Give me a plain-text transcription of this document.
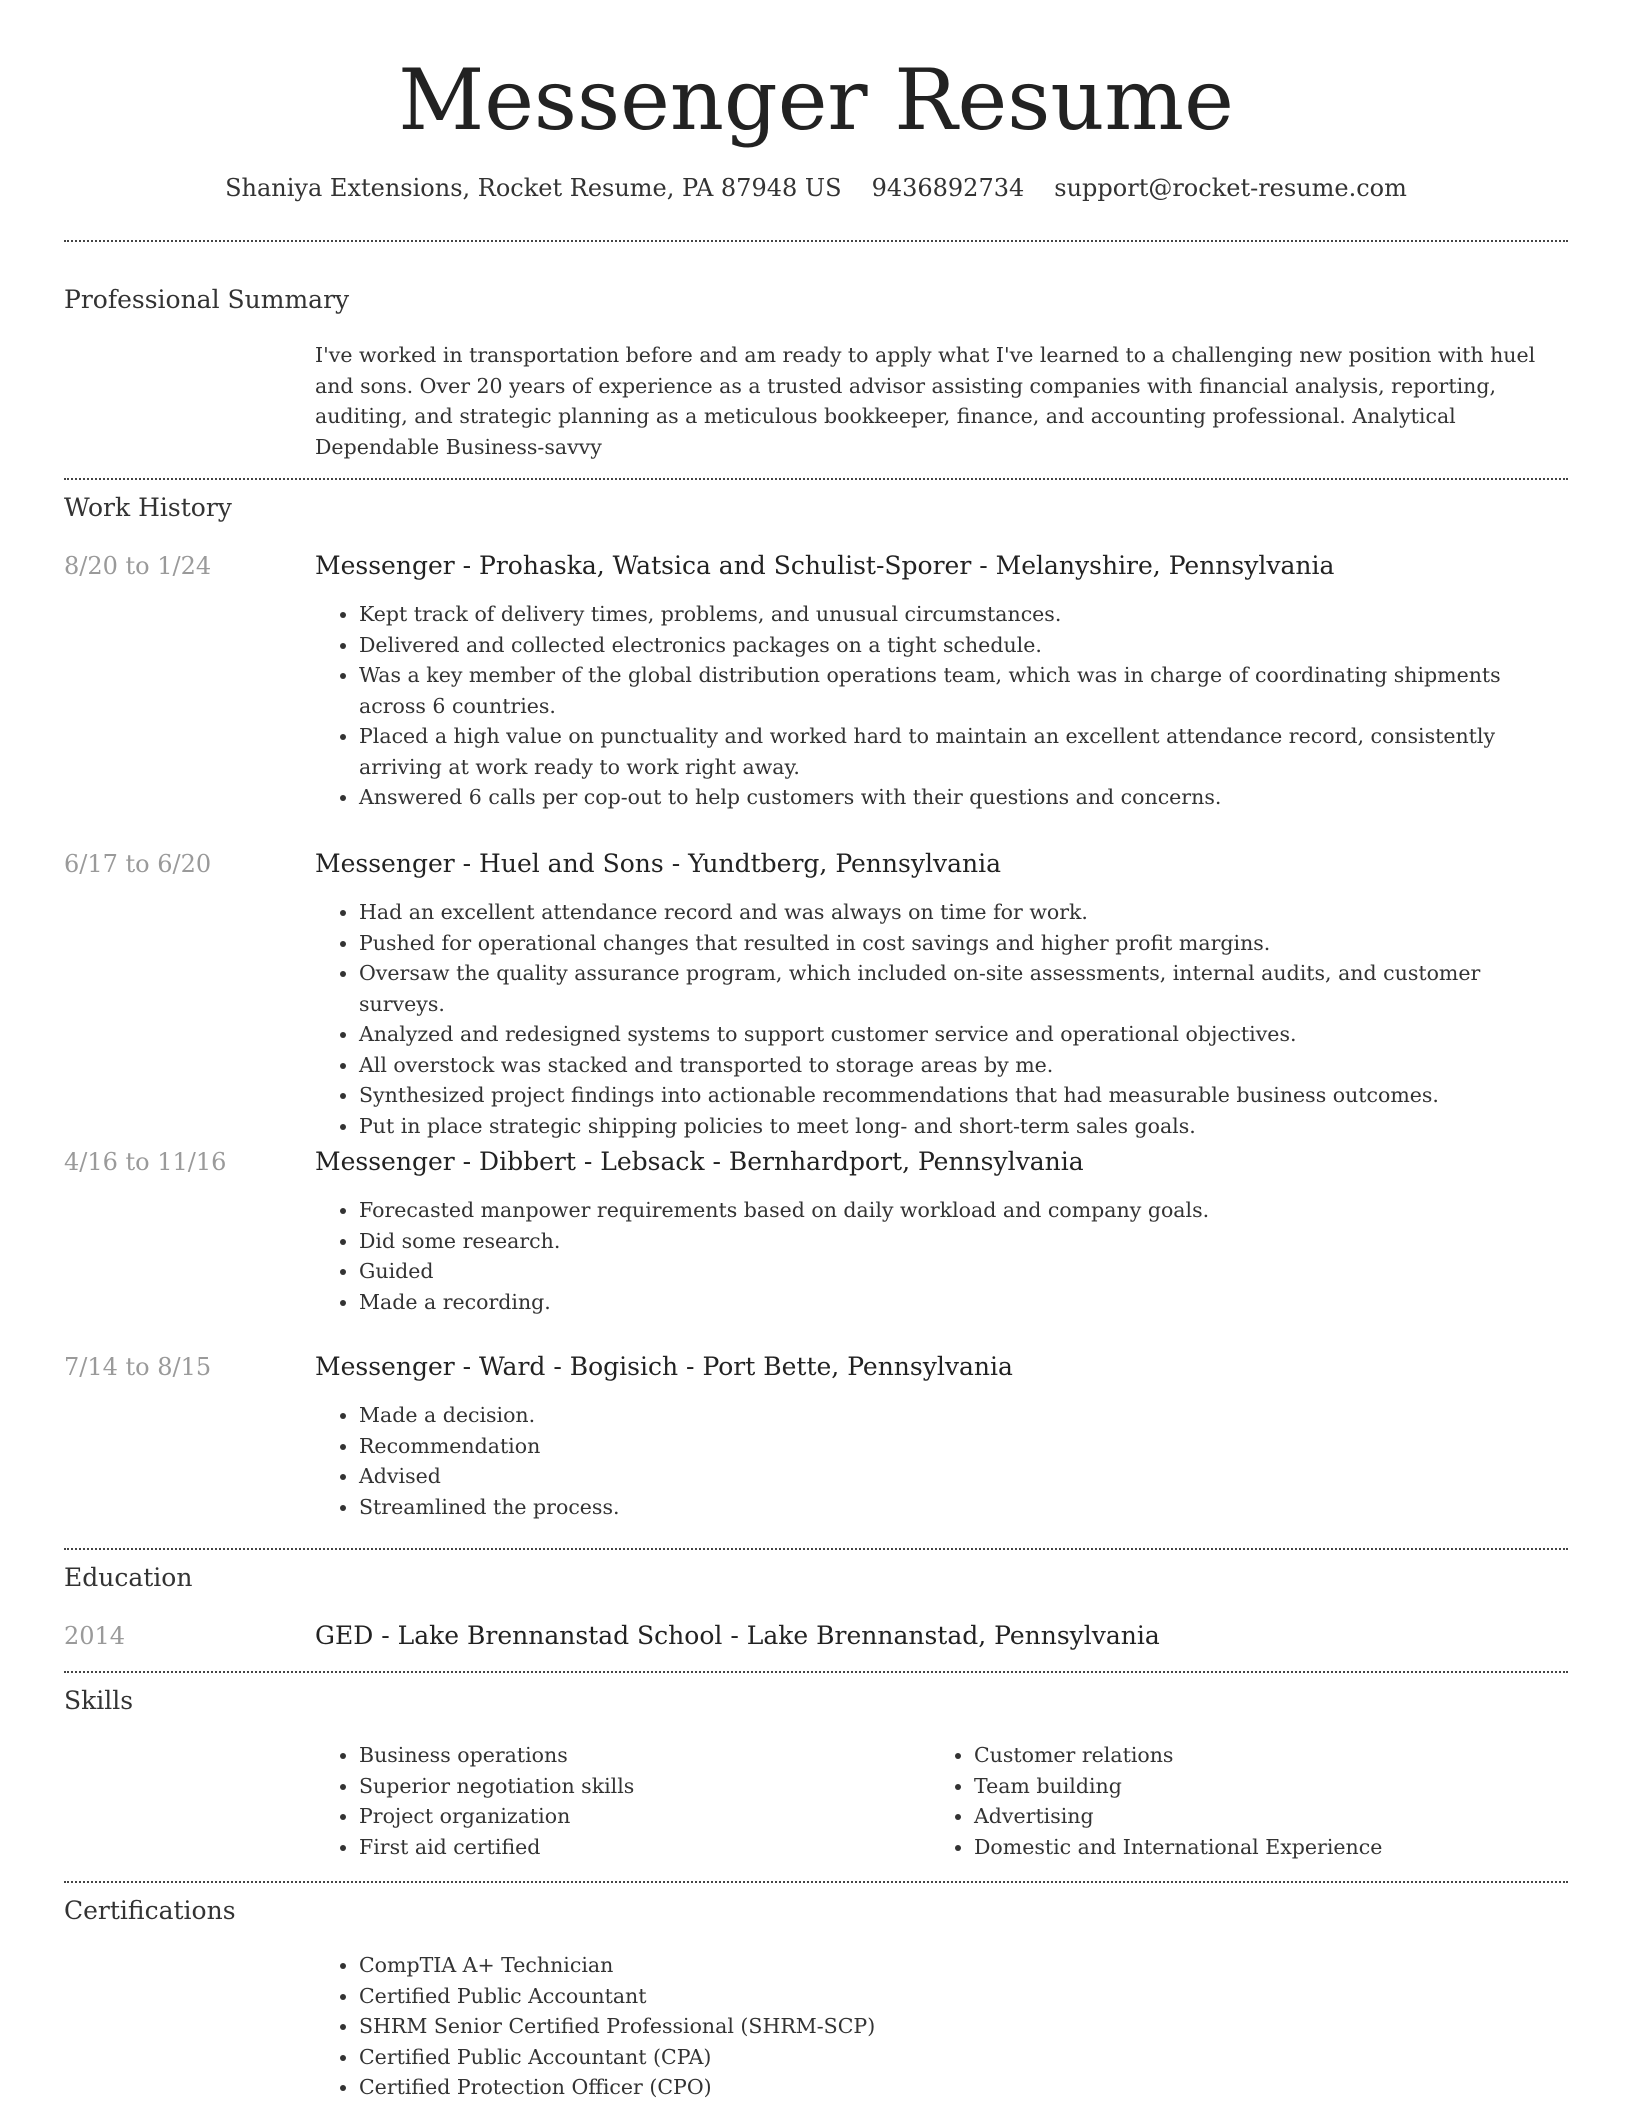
Messenger Resume
Shaniya Extensions, Rocket Resume, PA 87948 US 9436892734 support@rocket-resume.com
Professional Summary
I've worked in transportation before and am ready to apply what I've learned to a challenging new position with huel and sons. Over 20 years of experience as a trusted advisor assisting companies with financial analysis, reporting, auditing, and strategic planning as a meticulous bookkeeper, finance, and accounting professional. Analytical Dependable Business-savvy
Work History
8/20 to 1/24	Messenger - Prohaska, Watsica and Schulist-Sporer - Melanyshire, Pennsylvania
• Kept track of delivery times, problems, and unusual circumstances.
• Delivered and collected electronics packages on a tight schedule.
• Was a key member of the global distribution operations team, which was in charge of coordinating shipments across 6 countries.
• Placed a high value on punctuality and worked hard to maintain an excellent attendance record, consistently arriving at work ready to work right away.
• Answered 6 calls per cop-out to help customers with their questions and concerns.
6/17 to 6/20	Messenger - Huel and Sons - Yundtberg, Pennsylvania
• Had an excellent attendance record and was always on time for work.
• Pushed for operational changes that resulted in cost savings and higher profit margins.
• Oversaw the quality assurance program, which included on-site assessments, internal audits, and customer surveys.
• Analyzed and redesigned systems to support customer service and operational objectives.
• All overstock was stacked and transported to storage areas by me.
• Synthesized project findings into actionable recommendations that had measurable business outcomes.
• Put in place strategic shipping policies to meet long- and short-term sales goals.
4/16 to 11/16	Messenger - Dibbert - Lebsack - Bernhardport, Pennsylvania
• Forecasted manpower requirements based on daily workload and company goals.
• Did some research.
• Guided
• Made a recording.
7/14 to 8/15	Messenger - Ward - Bogisich - Port Bette, Pennsylvania
• Made a decision.
• Recommendation
• Advised
• Streamlined the process.
Education
2014	GED - Lake Brennanstad School - Lake Brennanstad, Pennsylvania
Skills
• Business operations
• Superior negotiation skills
• Project organization
• First aid certified
• Customer relations
• Team building
• Advertising
• Domestic and International Experience
Certifications
• CompTIA A+ Technician
• Certified Public Accountant
• SHRM Senior Certified Professional (SHRM-SCP)
• Certified Public Accountant (CPA)
• Certified Protection Officer (CPO)
